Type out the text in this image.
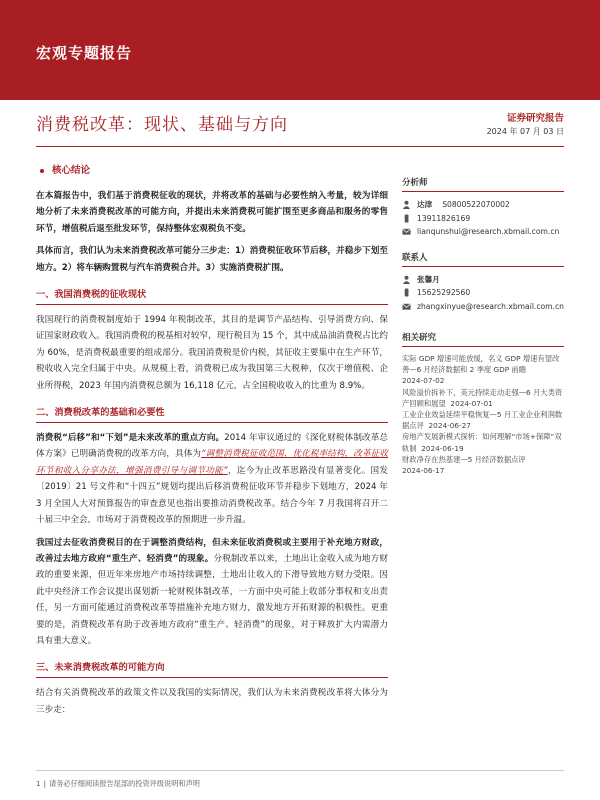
宏观专题报告
消费税改革：现状、基础与方向	证券研究报告
2024 年 07 月 03 日
核心结论

在本篇报告中，我们基于消费税征收的现状，并将改革的基础与必要性纳入考量，较为详细地分析了未来消费税改革的可能方向，并提出未来消费税可能扩围至更多商品和服务的零售环节，增值税后退至批发环节，保持整体宏观税负不变。

具体而言，我们认为未来消费税改革可能分三步走：1）消费税征收环节后移，并稳步下划至地方。2）将车辆购置税与汽车消费税合并。3）实施消费税扩围。

一、我国消费税的征收现状

我国现行的消费税制度始于 1994 年税制改革，其目的是调节产品结构、引导消费方向、保证国家财政收入。我国消费税的税基相对较窄，现行税目为 15 个，其中成品油消费税占比约为 60%，是消费税最重要的组成部分。我国消费税是价内税，其征收主要集中在生产环节，税收收入完全归属于中央。从规模上看，消费税已成为我国第三大税种，仅次于增值税、企业所得税，2023 年国内消费税总额为 16,118 亿元，占全国税收收入的比重为 8.9%。

二、消费税改革的基础和必要性

消费税“后移”和“下划”是未来改革的重点方向。2014 年审议通过的《深化财税体制改革总体方案》已明确消费税的改革方向，具体为“调整消费税征收范围，优化税率结构，改革征收环节和收入分享办法，增强消费引导与调节功能”，迄今为止改革思路没有显著变化。国发〔2019〕21 号文件和“十四五”规划均提出后移消费税征收环节并稳步下划地方，2024 年 3 月全国人大对预算报告的审查意见也指出要推动消费税改革。结合今年 7 月我国将召开二十届三中全会，市场对于消费税改革的预期进一步升温。

我国过去征收消费税目的在于调整消费结构，但未来征收消费税或主要用于补充地方财政，改善过去地方政府“重生产、轻消费”的现象。分税制改革以来，土地出让金收入成为地方财政的重要来源，但近年来房地产市场持续调整，土地出让收入的下滑导致地方财力受限。因此中央经济工作会议提出谋划新一轮财税体制改革，一方面中央可能上收部分事权和支出责任，另一方面可能通过消费税改革等措施补充地方财力，激发地方开拓财源的积极性。更重要的是，消费税改革有助于改善地方政府“重生产、轻消费”的现象，对于释放扩大内需潜力具有重大意义。

三、未来消费税改革的可能方向

结合有关消费税改革的政策文件以及我国的实际情况，我们认为未来消费税改革将大体分为三步走：

分析师
达津 S0800522070002
13911826169
lianqunshui@research.xbmail.com.cn
联系人
张馨月
15625292560
zhangxinyue@research.xbmail.com.cn
相关研究
实际 GDP 增速可能放缓，名义 GDP 增速有望改善—6 月经济数据和 2 季度 GDP 前瞻
2024-07-02
风险溢价拆补下，美元持续走动走强—6 月大类资产回顾和展望 2024-07-01
工业企业效益延续平稳恢复—5 月工业企业利润数据点评 2024-06-27
房地产发展新模式探析：如何理解“市场+保障”双轨制 2024-06-19
财政净存在热基建—5 月经济数据点评
2024-06-17
1 | 请务必仔细阅读报告尾部的投资评级说明和声明
